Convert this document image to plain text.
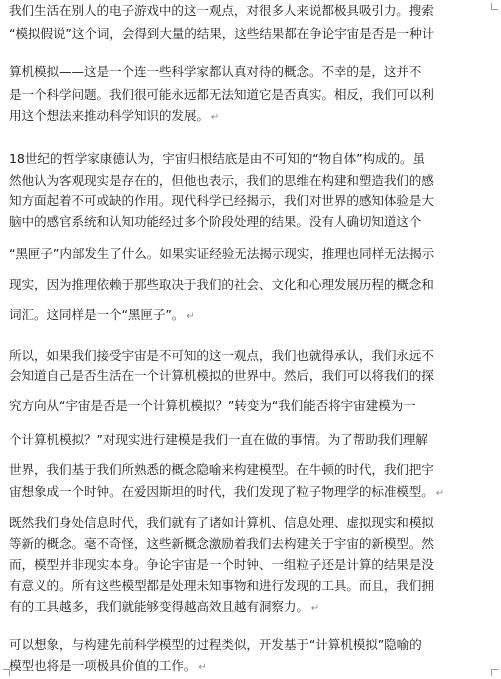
我们生活在别人的电子游戏中的这一观点，对很多人来说都极具吸引力。搜索
“模拟假说”这个词，会得到大量的结果，这些结果都在争论宇宙是否是一种计
算机模拟——这是一个连一些科学家都认真对待的概念。不幸的是，这并不
是一个科学问题。我们很可能永远都无法知道它是否真实。相反，我们可以利
用这个想法来推动科学知识的发展。 ↵
18世纪的哲学家康德认为，宇宙归根结底是由不可知的“物自体”构成的。虽
然他认为客观现实是存在的，但他也表示，我们的思维在构建和塑造我们的感
知方面起着不可或缺的作用。现代科学已经揭示，我们对世界的感知体验是大
脑中的感官系统和认知功能经过多个阶段处理的结果。没有人确切知道这个
“黑匣子”内部发生了什么。如果实证经验无法揭示现实，推理也同样无法揭示
现实，因为推理依赖于那些取决于我们的社会、文化和心理发展历程的概念和
词汇。这同样是一个“黑匣子”。 ↵
所以，如果我们接受宇宙是不可知的这一观点，我们也就得承认，我们永远不
会知道自己是否生活在一个计算机模拟的世界中。然后，我们可以将我们的探
究方向从“宇宙是否是一个计算机模拟？”转变为“我们能否将宇宙建模为一
个计算机模拟？”对现实进行建模是我们一直在做的事情。为了帮助我们理解
世界，我们基于我们所熟悉的概念隐喻来构建模型。在牛顿的时代，我们把宇
宙想象成一个时钟。在爱因斯坦的时代，我们发现了粒子物理学的标准模型。 ↵
既然我们身处信息时代，我们就有了诸如计算机、信息处理、虚拟现实和模拟
等新的概念。毫不奇怪，这些新概念激励着我们去构建关于宇宙的新模型。然
而，模型并非现实本身。争论宇宙是一个时钟、一组粒子还是计算的结果是没
有意义的。所有这些模型都是处理未知事物和进行发现的工具。而且，我们拥
有的工具越多，我们就能够变得越高效且越有洞察力。 ↵
可以想象，与构建先前科学模型的过程类似，开发基于“计算机模拟”隐喻的
模型也将是一项极具价值的工作。 ↵
